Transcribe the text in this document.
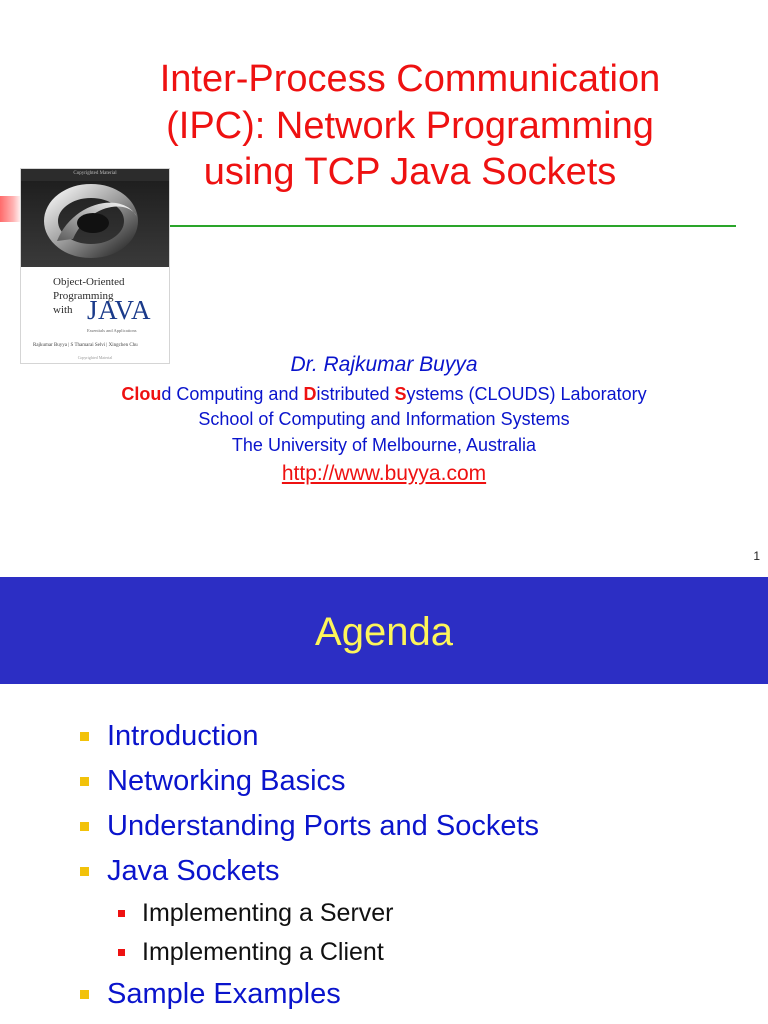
Inter-Process Communication
(IPC): Network Programming
using TCP Java Sockets
Copyrighted Material
Object-Oriented
Programming
with JAVA
Essentials and Applications
Rajkumar Buyya | S Thamarai Selvi | Xingchen Chu
Copyrighted Material	Dr. Rajkumar Buyya
Cloud Computing and Distributed Systems (CLOUDS) Laboratory
School of Computing and Information Systems
The University of Melbourne, Australia
http://www.buyya.com
1
Agenda
Introduction
Networking Basics
Understanding Ports and Sockets
Java Sockets
Implementing a Server
Implementing a Client
Sample Examples
